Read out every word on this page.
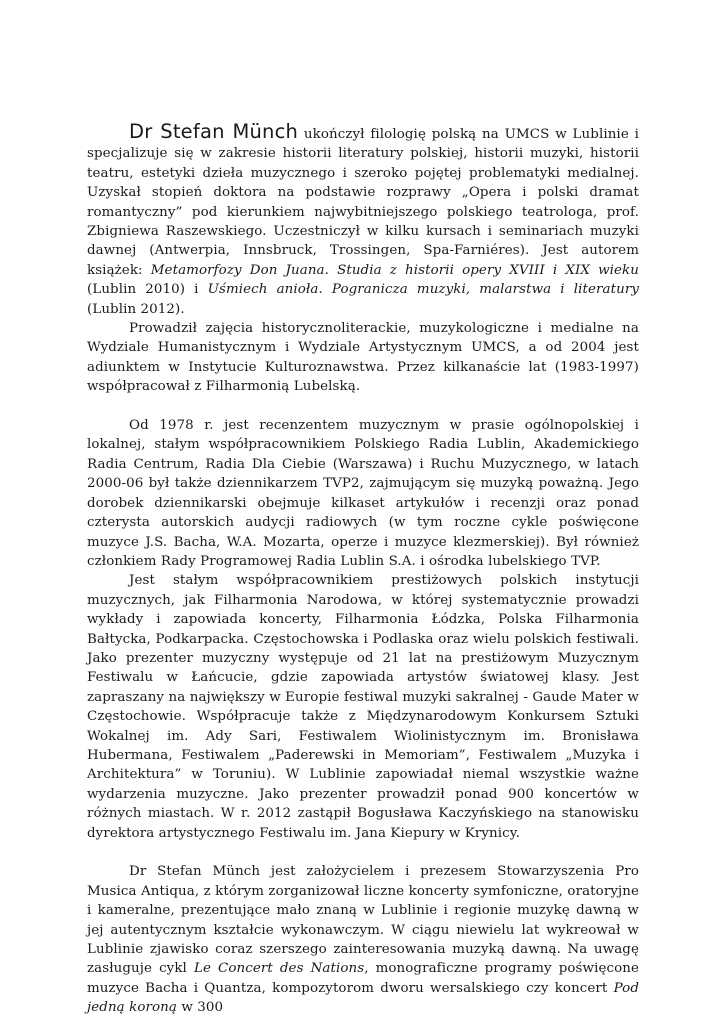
Dr Stefan Münch ukończył filologię polską na UMCS w Lublinie i specjalizuje się w zakresie historii literatury polskiej, historii muzyki, historii teatru, estetyki dzieła muzycznego i szeroko pojętej problematyki medialnej. Uzyskał stopień doktora na podstawie rozprawy „Opera i polski dramat romantyczny” pod kierunkiem najwybitniejszego polskiego teatrologa, prof. Zbigniewa Raszewskiego. Uczestniczył w kilku kursach i seminariach muzyki dawnej (Antwerpia, Innsbruck, Trossingen, Spa-Farniéres). Jest autorem książek: Metamorfozy Don Juana. Studia z historii opery XVIII i XIX wieku (Lublin 2010) i Uśmiech anioła. Pogranicza muzyki, malarstwa i literatury (Lublin 2012).

Prowadził zajęcia historycznoliterackie, muzykologiczne i medialne na Wydziale Humanistycznym i Wydziale Artystycznym UMCS, a od 2004 jest adiunktem w Instytucie Kulturoznawstwa. Przez kilkanaście lat (1983-1997) współpracował z Filharmonią Lubelską.

Od 1978 r. jest recenzentem muzycznym w prasie ogólnopolskiej i lokalnej, stałym współpracownikiem Polskiego Radia Lublin, Akademickiego Radia Centrum, Radia Dla Ciebie (Warszawa) i Ruchu Muzycznego, w latach 2000-06 był także dziennikarzem TVP2, zajmującym się muzyką poważną. Jego dorobek dziennikarski obejmuje kilkaset artykułów i recenzji oraz ponad czterysta autorskich audycji radiowych (w tym roczne cykle poświęcone muzyce J.S. Bacha, W.A. Mozarta, operze i muzyce klezmerskiej). Był również członkiem Rady Programowej Radia Lublin S.A. i ośrodka lubelskiego TVP.

Jest stałym współpracownikiem prestiżowych polskich instytucji muzycznych, jak Filharmonia Narodowa, w której systematycznie prowadzi wykłady i zapowiada koncerty, Filharmonia Łódzka, Polska Filharmonia Bałtycka, Podkarpacka. Częstochowska i Podlaska oraz wielu polskich festiwali. Jako prezenter muzyczny występuje od 21 lat na prestiżowym Muzycznym Festiwalu w Łańcucie, gdzie zapowiada artystów światowej klasy. Jest zapraszany na największy w Europie festiwal muzyki sakralnej - Gaude Mater w Częstochowie. Współpracuje także z Międzynarodowym Konkursem Sztuki Wokalnej im. Ady Sari, Festiwalem Wiolinistycznym im. Bronisława Hubermana, Festiwalem „Paderewski in Memoriam”, Festiwalem „Muzyka i Architektura” w Toruniu). W Lublinie zapowiadał niemal wszystkie ważne wydarzenia muzyczne. Jako prezenter prowadził ponad 900 koncertów w różnych miastach. W r. 2012 zastąpił Bogusława Kaczyńskiego na stanowisku dyrektora artystycznego Festiwalu im. Jana Kiepury w Krynicy.

Dr Stefan Münch jest założycielem i prezesem Stowarzyszenia Pro Musica Antiqua, z którym zorganizował liczne koncerty symfoniczne, oratoryjne i kameralne, prezentujące mało znaną w Lublinie i regionie muzykę dawną w jej autentycznym kształcie wykonawczym. W ciągu niewielu lat wykreował w Lublinie zjawisko coraz szerszego zainteresowania muzyką dawną. Na uwagę zasługuje cykl Le Concert des Nations, monograficzne programy poświęcone muzyce Bacha i Quantza, kompozytorom dworu wersalskiego czy koncert Pod jedną koroną w 300
